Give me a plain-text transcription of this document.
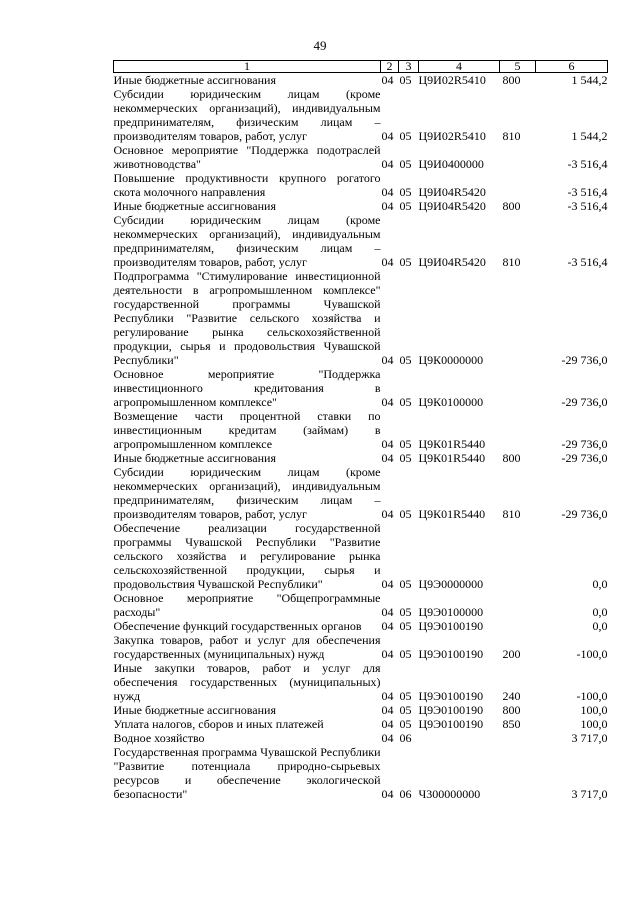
49
1	2	3	4	5	6
Иные бюджетные ассигнования	04	05	Ц9И02R5410	800	1 544,2
Субсидии юридическим лицам (кроме некоммерческих организаций), индивидуальным предпринимателям, физическим лицам – производителям товаров, работ, услуг	04	05	Ц9И02R5410	810	1 544,2
Основное мероприятие "Поддержка подотраслей животноводства"	04	05	Ц9И0400000		-3 516,4
Повышение продуктивности крупного рогатого скота молочного направления	04	05	Ц9И04R5420		-3 516,4
Иные бюджетные ассигнования	04	05	Ц9И04R5420	800	-3 516,4
Субсидии юридическим лицам (кроме некоммерческих организаций), индивидуальным предпринимателям, физическим лицам – производителям товаров, работ, услуг	04	05	Ц9И04R5420	810	-3 516,4
Подпрограмма "Стимулирование инвестиционной деятельности в агропромышленном комплексе" государственной программы Чувашской Республики "Развитие сельского хозяйства и регулирование рынка сельскохозяйственной продукции, сырья и продовольствия Чувашской Республики"	04	05	Ц9К0000000		-29 736,0
Основное мероприятие "Поддержка инвестиционного кредитования в агропромышленном комплексе"	04	05	Ц9К0100000		-29 736,0
Возмещение части процентной ставки по инвестиционным кредитам (займам) в агропромышленном комплексе	04	05	Ц9К01R5440		-29 736,0
Иные бюджетные ассигнования	04	05	Ц9К01R5440	800	-29 736,0
Субсидии юридическим лицам (кроме некоммерческих организаций), индивидуальным предпринимателям, физическим лицам – производителям товаров, работ, услуг	04	05	Ц9К01R5440	810	-29 736,0
Обеспечение реализации государственной программы Чувашской Республики "Развитие сельского хозяйства и регулирование рынка сельскохозяйственной продукции, сырья и продовольствия Чувашской Республики"	04	05	Ц9Э0000000		0,0
Основное мероприятие "Общепрограммные расходы"	04	05	Ц9Э0100000		0,0
Обеспечение функций государственных органов	04	05	Ц9Э0100190		0,0
Закупка товаров, работ и услуг для обеспечения государственных (муниципальных) нужд	04	05	Ц9Э0100190	200	-100,0
Иные закупки товаров, работ и услуг для обеспечения государственных (муниципальных) нужд	04	05	Ц9Э0100190	240	-100,0
Иные бюджетные ассигнования	04	05	Ц9Э0100190	800	100,0
Уплата налогов, сборов и иных платежей	04	05	Ц9Э0100190	850	100,0
Водное хозяйство	04	06			3 717,0
Государственная программа Чувашской Республики "Развитие потенциала природно-сырьевых ресурсов и обеспечение экологической безопасности"	04	06	Ч300000000		3 717,0
